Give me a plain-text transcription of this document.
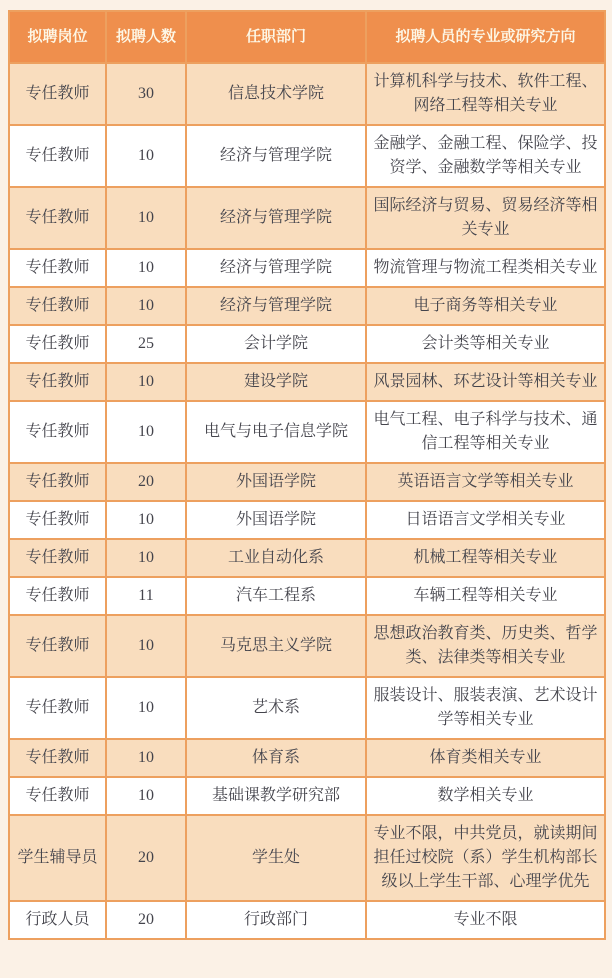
拟聘岗位	拟聘人数	任职部门	拟聘人员的专业或研究方向
专任教师	30	信息技术学院	计算机科学与技术、软件工程、网络工程等相关专业
专任教师	10	经济与管理学院	金融学、金融工程、保险学、投资学、金融数学等相关专业
专任教师	10	经济与管理学院	国际经济与贸易、贸易经济等相关专业
专任教师	10	经济与管理学院	物流管理与物流工程类相关专业
专任教师	10	经济与管理学院	电子商务等相关专业
专任教师	25	会计学院	会计类等相关专业
专任教师	10	建设学院	风景园林、环艺设计等相关专业
专任教师	10	电气与电子信息学院	电气工程、电子科学与技术、通信工程等相关专业
专任教师	20	外国语学院	英语语言文学等相关专业
专任教师	10	外国语学院	日语语言文学相关专业
专任教师	10	工业自动化系	机械工程等相关专业
专任教师	11	汽车工程系	车辆工程等相关专业
专任教师	10	马克思主义学院	思想政治教育类、历史类、哲学类、法律类等相关专业
专任教师	10	艺术系	服装设计、服装表演、艺术设计学等相关专业
专任教师	10	体育系	体育类相关专业
专任教师	10	基础课教学研究部	数学相关专业
学生辅导员	20	学生处	专业不限，中共党员，就读期间担任过校院（系）学生机构部长级以上学生干部、心理学优先
行政人员	20	行政部门	专业不限
